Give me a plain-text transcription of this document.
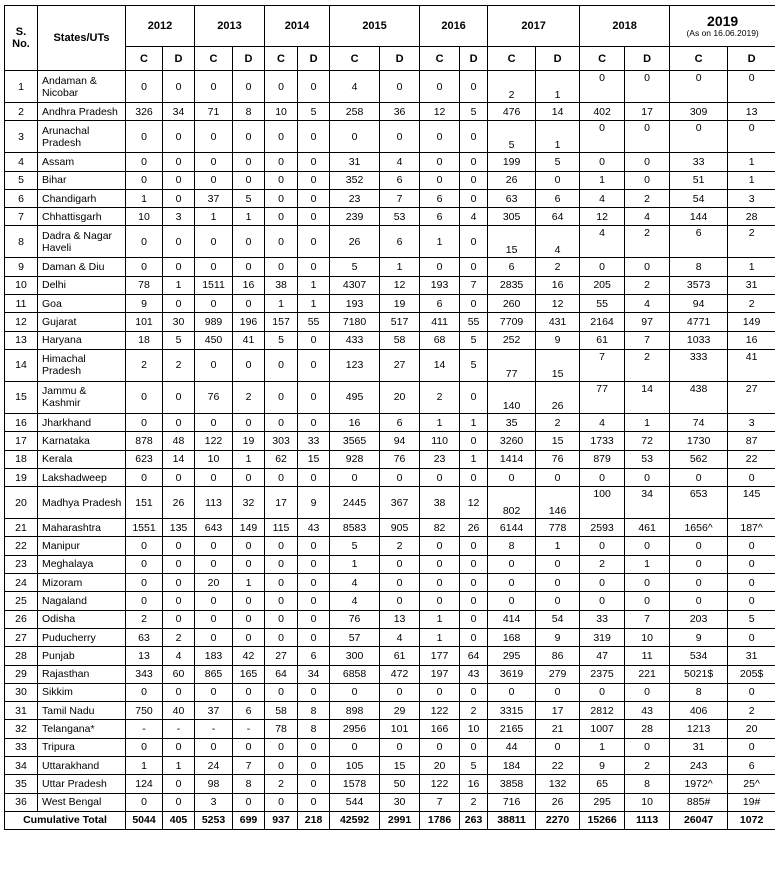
S. No.	States/UTs	2012		2013		2014		2015		2016		2017		2018		2019
(As on 16.06.2019)	

		C	D	C	D	C	D	C	D	C	D	C	D	C	D	C	D
1	Andaman & Nicobar	0	0	0	0	0	0	4	0	0	0	2	1	0	0	0	0
2	Andhra Pradesh	326	34	71	8	10	5	258	36	12	5	476	14	402	17	309	13
3	Arunachal Pradesh	0	0	0	0	0	0	0	0	0	0	5	1	0	0	0	0
4	Assam	0	0	0	0	0	0	31	4	0	0	199	5	0	0	33	1
5	Bihar	0	0	0	0	0	0	352	6	0	0	26	0	1	0	51	1
6	Chandigarh	1	0	37	5	0	0	23	7	6	0	63	6	4	2	54	3
7	Chhattisgarh	10	3	1	1	0	0	239	53	6	4	305	64	12	4	144	28
8	Dadra & Nagar Haveli	0	0	0	0	0	0	26	6	1	0	15	4	4	2	6	2
9	Daman & Diu	0	0	0	0	0	0	5	1	0	0	6	2	0	0	8	1
10	Delhi	78	1	1511	16	38	1	4307	12	193	7	2835	16	205	2	3573	31
11	Goa	9	0	0	0	1	1	193	19	6	0	260	12	55	4	94	2
12	Gujarat	101	30	989	196	157	55	7180	517	411	55	7709	431	2164	97	4771	149
13	Haryana	18	5	450	41	5	0	433	58	68	5	252	9	61	7	1033	16
14	Himachal Pradesh	2	2	0	0	0	0	123	27	14	5	77	15	7	2	333	41
15	Jammu & Kashmir	0	0	76	2	0	0	495	20	2	0	140	26	77	14	438	27
16	Jharkhand	0	0	0	0	0	0	16	6	1	1	35	2	4	1	74	3
17	Karnataka	878	48	122	19	303	33	3565	94	110	0	3260	15	1733	72	1730	87
18	Kerala	623	14	10	1	62	15	928	76	23	1	1414	76	879	53	562	22
19	Lakshadweep	0	0	0	0	0	0	0	0	0	0	0	0	0	0	0	0
20	Madhya Pradesh	151	26	113	32	17	9	2445	367	38	12	802	146	100	34	653	145
21	Maharashtra	1551	135	643	149	115	43	8583	905	82	26	6144	778	2593	461	1656^	187^
22	Manipur	0	0	0	0	0	0	5	2	0	0	8	1	0	0	0	0
23	Meghalaya	0	0	0	0	0	0	1	0	0	0	0	0	2	1	0	0
24	Mizoram	0	0	20	1	0	0	4	0	0	0	0	0	0	0	0	0
25	Nagaland	0	0	0	0	0	0	4	0	0	0	0	0	0	0	0	0
26	Odisha	2	0	0	0	0	0	76	13	1	0	414	54	33	7	203	5
27	Puducherry	63	2	0	0	0	0	57	4	1	0	168	9	319	10	9	0
28	Punjab	13	4	183	42	27	6	300	61	177	64	295	86	47	11	534	31
29	Rajasthan	343	60	865	165	64	34	6858	472	197	43	3619	279	2375	221	5021$	205$
30	Sikkim	0	0	0	0	0	0	0	0	0	0	0	0	0	0	8	0
31	Tamil Nadu	750	40	37	6	58	8	898	29	122	2	3315	17	2812	43	406	2
32	Telangana*	-	-	-	-	78	8	2956	101	166	10	2165	21	1007	28	1213	20
33	Tripura	0	0	0	0	0	0	0	0	0	0	44	0	1	0	31	0
34	Uttarakhand	1	1	24	7	0	0	105	15	20	5	184	22	9	2	243	6
35	Uttar Pradesh	124	0	98	8	2	0	1578	50	122	16	3858	132	65	8	1972^	25^
36	West Bengal	0	0	3	0	0	0	544	30	7	2	716	26	295	10	885#	19#
Cumulative Total		5044	405	5253	699	937	218	42592	2991	1786	263	38811	2270	15266	1113	26047	1072
